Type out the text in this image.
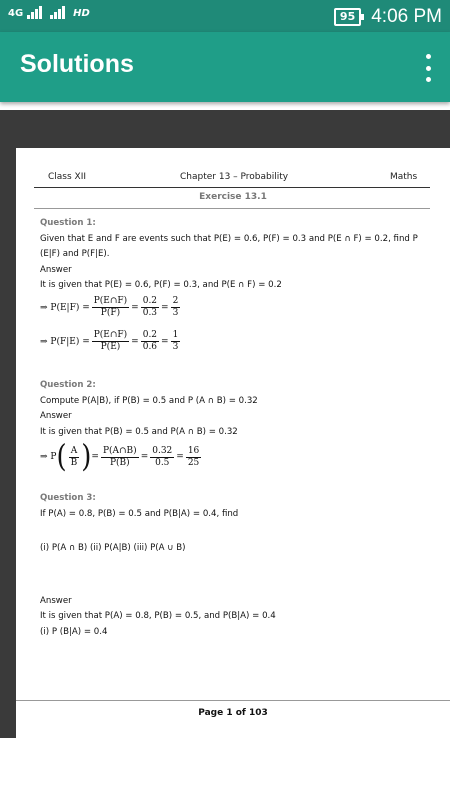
4G	HD	95 4:06 PM
Solutions
Class XII	Chapter 13 – Probability	Maths
Exercise 13.1
Question 1:
Given that E and F are events such that P(E) = 0.6, P(F) = 0.3 and P(E ∩ F) = 0.2, find P
(E|F) and P(F|E).
Answer
It is given that P(E) = 0.6, P(F) = 0.3, and P(E ∩ F) = 0.2
⇒ $P(E|F) = \frac{P(E\cap F)}{P(F)} = \frac{0.2}{0.3} = \frac{2}{3}$
⇒ $P(F|E) = \frac{P(E\cap F)}{P(E)} = \frac{0.2}{0.6} = \frac{1}{3}$
Question 2:
Compute P(A|B), if P(B) = 0.5 and P (A ∩ B) = 0.32
Answer
It is given that P(B) = 0.5 and P(A ∩ B) = 0.32
⇒ P ( $\frac{A}{B}$ ) = $\frac{P(A\cap B)}{P(B)} = \frac{0.32}{0.5} = \frac{16}{25}$
Question 3:
If P(A) = 0.8, P(B) = 0.5 and P(B|A) = 0.4, find
(i) P(A ∩ B) (ii) P(A|B) (iii) P(A ∪ B)
Answer
It is given that P(A) = 0.8, P(B) = 0.5, and P(B|A) = 0.4
(i) P (B|A) = 0.4
Page 1 of 103
